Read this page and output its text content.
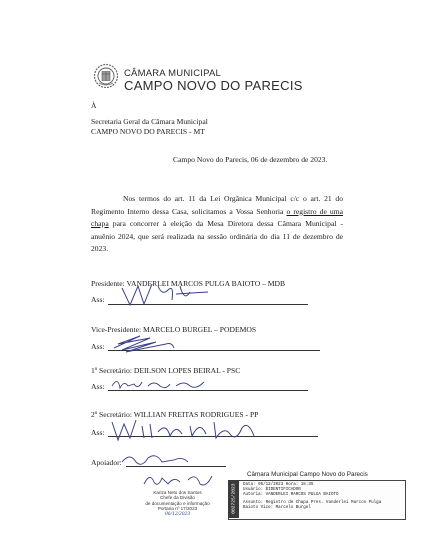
CÂMARA MUNICIPAL
CAMPO NOVO DO PARECIS
À
Secretaria Geral da Câmara Municipal
CAMPO NOVO DO PARECIS - MT
Campo Novo do Parecis, 06 de dezembro de 2023.
Nos termos do art. 11 da Lei Orgânica Municipal c/c o art. 21 do Regimento Interno dessa Casa, solicitamos a Vossa Senhoria o registro de uma chapa para concorrer à eleição da Mesa Diretora dessa Câmara Municipal - anuênio 2024, que será realizada na sessão ordinária do dia 11 de dezembro de 2023.
Presidente: VANDERLEI MARCOS PULGA BAIOTO – MDB
Ass:
Vice-Presidente: MARCELO BURGEL – PODEMOS
Ass:
1º Secretário: DEILSON LOPES BEIRAL - PSC
Ass:
2º Secretário: WILLIAN FREITAS RODRIGUES - PP
Ass:
Apoiador:
Kariza Neto dos Santos
Chefe da Divisão
de documentação e informação
Portaria nº 17/2023
06/12/2023
Câmara Municipal Campo Novo do Parecis
002725/2023 Data: 06/12/2023 Hora: 15:35
Usuário: $IDENTIFICADOR
Autoria: VANDERLEI MARCOS PULGA BAIOTO
Assunto: Registro de Chapa Pres. Vanderlei Marcos Pulga
Baioto Vice: Marcelo Burgel
